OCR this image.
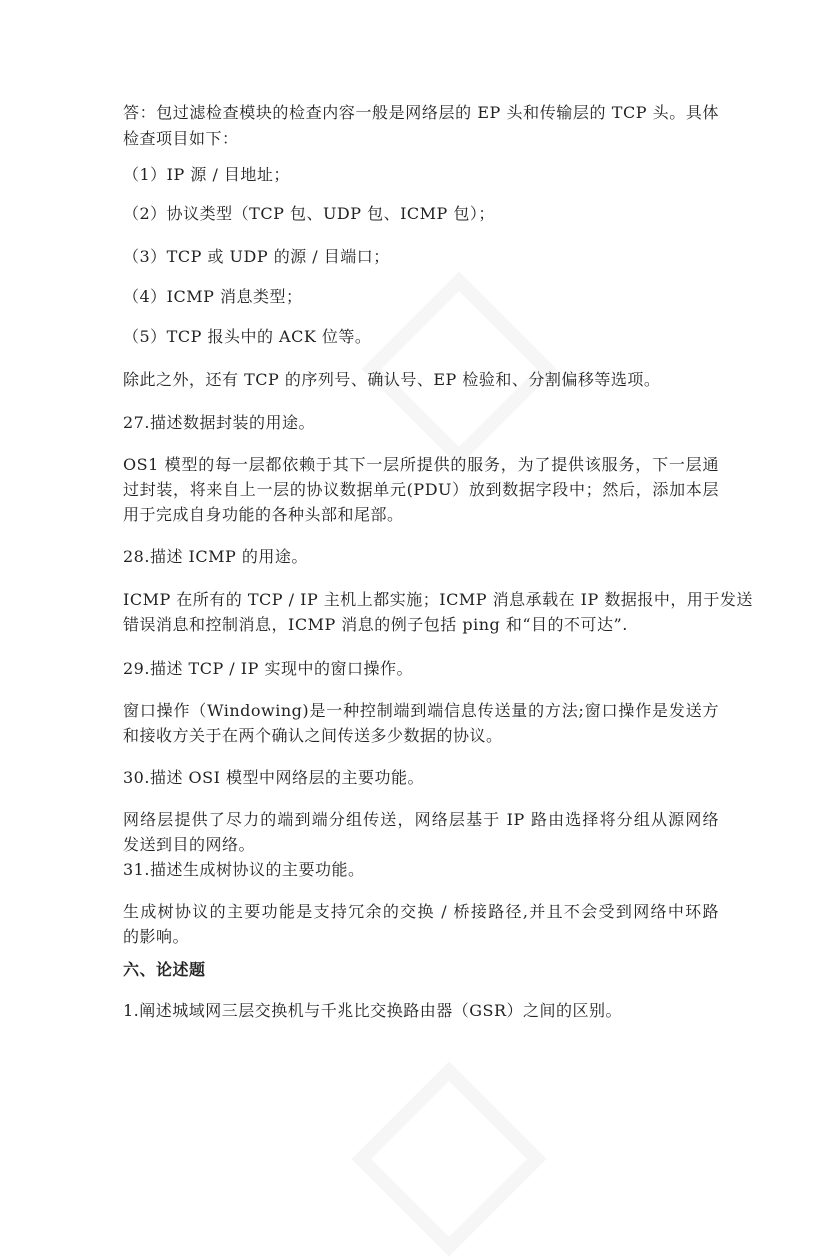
答：包过滤检查模块的检查内容一般是网络层的 EP 头和传输层的 TCP 头。具体
检查项目如下：
（1）IP 源 / 目地址；
（2）协议类型（TCP 包、UDP 包、ICMP 包）；
（3）TCP 或 UDP 的源 / 目端口；
（4）ICMP 消息类型；
（5）TCP 报头中的 ACK 位等。
除此之外，还有 TCP 的序列号、确认号、EP 检验和、分割偏移等选项。
27.描述数据封装的用途。
OS1 模型的每一层都依赖于其下一层所提供的服务，为了提供该服务，下一层通
过封装，将来自上一层的协议数据单元(PDU）放到数据字段中；然后，添加本层
用于完成自身功能的各种头部和尾部。
28.描述 ICMP 的用途。
ICMP 在所有的 TCP / IP 主机上都实施；ICMP 消息承载在 IP 数据报中，用于发送
错误消息和控制消息，ICMP 消息的例子包括 ping 和“目的不可达”.
29.描述 TCP / IP 实现中的窗口操作。
窗口操作（Windowing)是一种控制端到端信息传送量的方法;窗口操作是发送方
和接收方关于在两个确认之间传送多少数据的协议。
30.描述 OSI 模型中网络层的主要功能。
网络层提供了尽力的端到端分组传送，网络层基于 IP 路由选择将分组从源网络
发送到目的网络。
31.描述生成树协议的主要功能。
生成树协议的主要功能是支持冗余的交换 / 桥接路径,并且不会受到网络中环路
的影响。
六、论述题
1.阐述城域网三层交换机与千兆比交换路由器（GSR）之间的区别。
